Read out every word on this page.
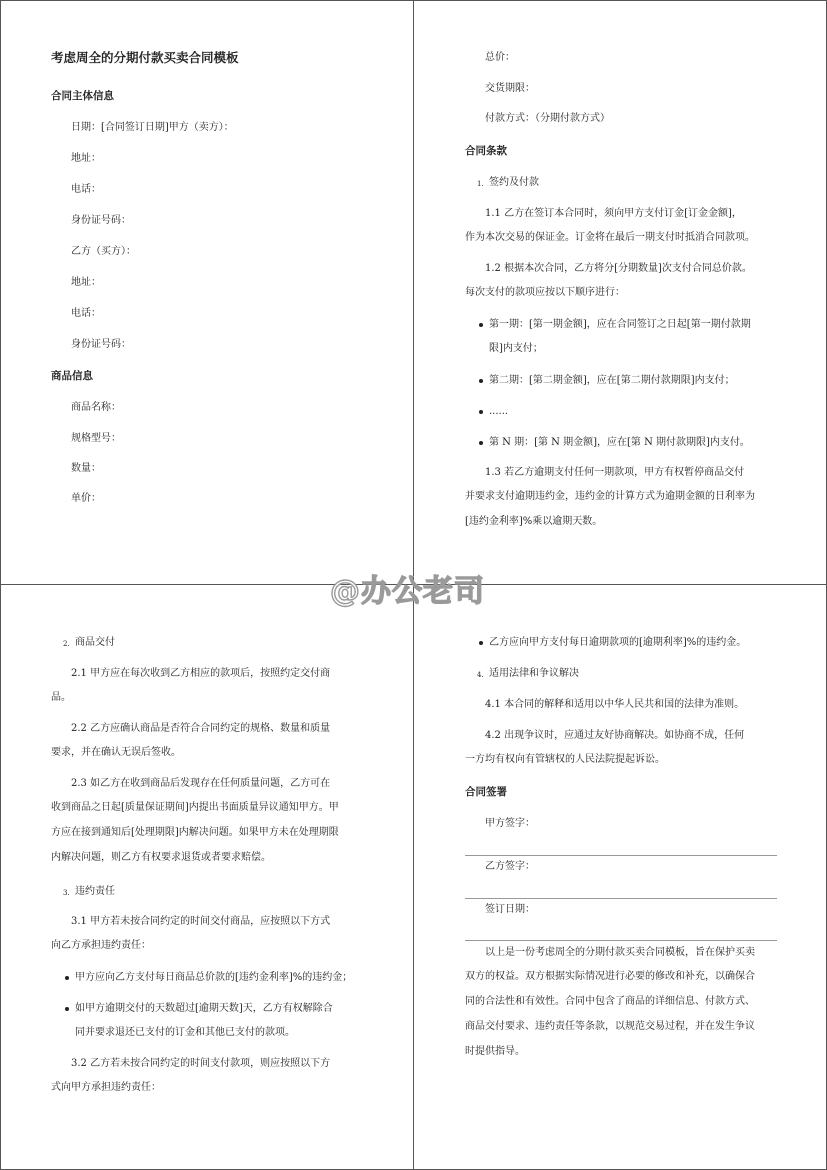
考虑周全的分期付款买卖合同模板
合同主体信息
日期：[合同签订日期]甲方（卖方）：
地址：
电话：
身份证号码：
乙方（买方）：
地址：
电话：
身份证号码：
商品信息
商品名称：
规格型号：
数量：
单价：
总价：
交货期限：
付款方式：（分期付款方式）
合同条款
1. 签约及付款
1.1 乙方在签订本合同时，须向甲方支付订金[订金金额]，
作为本次交易的保证金。订金将在最后一期支付时抵消合同款项。
1.2 根据本次合同，乙方将分[分期数量]次支付合同总价款。
每次支付的款项应按以下顺序进行：
第一期：[第一期金额]，应在合同签订之日起[第一期付款期
限]内支付；
第二期：[第二期金额]，应在[第二期付款期限]内支付；
......
第 N 期：[第 N 期金额]，应在[第 N 期付款期限]内支付。
1.3 若乙方逾期支付任何一期款项，甲方有权暂停商品交付
并要求支付逾期违约金，违约金的计算方式为逾期金额的日利率为
[违约金利率]%乘以逾期天数。
2. 商品交付
2.1 甲方应在每次收到乙方相应的款项后，按照约定交付商
品。
2.2 乙方应确认商品是否符合合同约定的规格、数量和质量
要求，并在确认无误后签收。
2.3 如乙方在收到商品后发现存在任何质量问题，乙方可在
收到商品之日起[质量保证期间]内提出书面质量异议通知甲方。甲
方应在接到通知后[处理期限]内解决问题。如果甲方未在处理期限
内解决问题，则乙方有权要求退货或者要求赔偿。
3. 违约责任
3.1 甲方若未按合同约定的时间交付商品，应按照以下方式
向乙方承担违约责任：
甲方应向乙方支付每日商品总价款的[违约金利率]%的违约金；
如甲方逾期交付的天数超过[逾期天数]天，乙方有权解除合
同并要求退还已支付的订金和其他已支付的款项。
3.2 乙方若未按合同约定的时间支付款项，则应按照以下方
式向甲方承担违约责任：
乙方应向甲方支付每日逾期款项的[逾期利率]%的违约金。
4. 适用法律和争议解决
4.1 本合同的解释和适用以中华人民共和国的法律为准则。
4.2 出现争议时，应通过友好协商解决。如协商不成，任何
一方均有权向有管辖权的人民法院提起诉讼。
合同签署
甲方签字：
乙方签字：
签订日期：
以上是一份考虑周全的分期付款买卖合同模板，旨在保护买卖
双方的权益。双方根据实际情况进行必要的修改和补充，以确保合
同的合法性和有效性。合同中包含了商品的详细信息、付款方式、
商品交付要求、违约责任等条款，以规范交易过程，并在发生争议
时提供指导。
@办公老司
